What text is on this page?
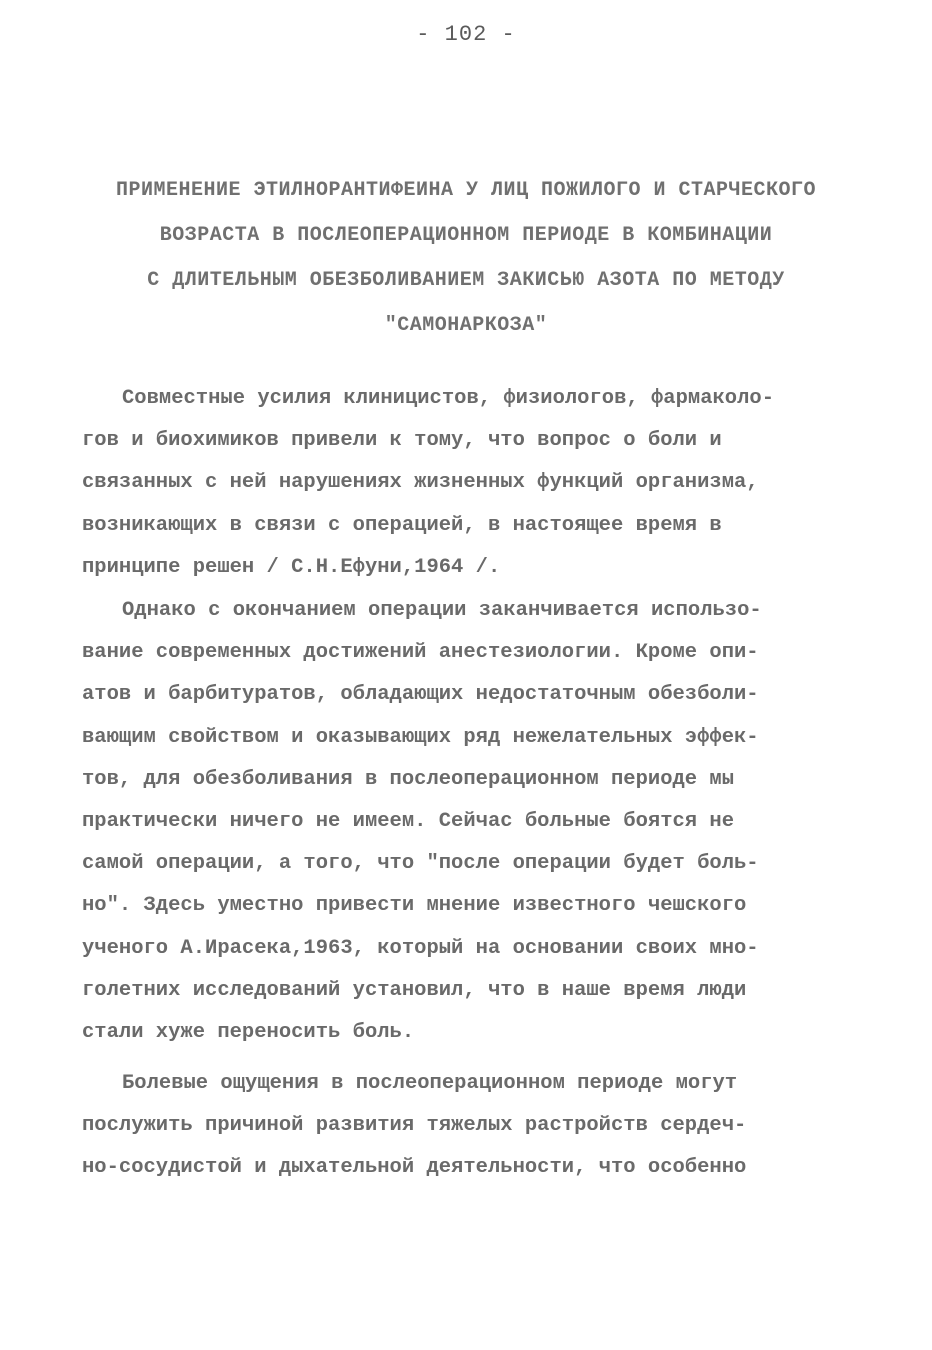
- 102 -
ПРИМЕНЕНИЕ ЭТИЛНОРАНТИФЕИНА У ЛИЦ ПОЖИЛОГО И СТАРЧЕСКОГО
ВОЗРАСТА В ПОСЛЕОПЕРАЦИОННОМ ПЕРИОДЕ В КОМБИНАЦИИ
С ДЛИТЕЛЬНЫМ ОБЕЗБОЛИВАНИЕМ ЗАКИСЬЮ АЗОТА ПО МЕТОДУ
"САМОНАРКОЗА"
Совместные усилия клиницистов, физиологов, фармаколо-
гов и биохимиков привели к тому, что вопрос о боли и
связанных с ней нарушениях жизненных функций организма,
возникающих в связи с операцией, в настоящее время в
принципе решен / С.Н.Ефуни,1964 /.
Однако с окончанием операции заканчивается использо-
вание современных достижений анестезиологии. Кроме опи-
атов и барбитуратов, обладающих недостаточным обезболи-
вающим свойством и оказывающих ряд нежелательных эффек-
тов, для обезболивания в послеоперационном периоде мы
практически ничего не имеем. Сейчас больные боятся не
самой операции, а того, что "после операции будет боль-
но". Здесь уместно привести мнение известного чешского
ученого А.Ирасека,1963, который на основании своих мно-
голетних исследований установил, что в наше время люди
стали хуже переносить боль.
Болевые ощущения в послеоперационном периоде могут
послужить причиной развития тяжелых растройств сердеч-
но-сосудистой и дыхательной деятельности, что особенно
